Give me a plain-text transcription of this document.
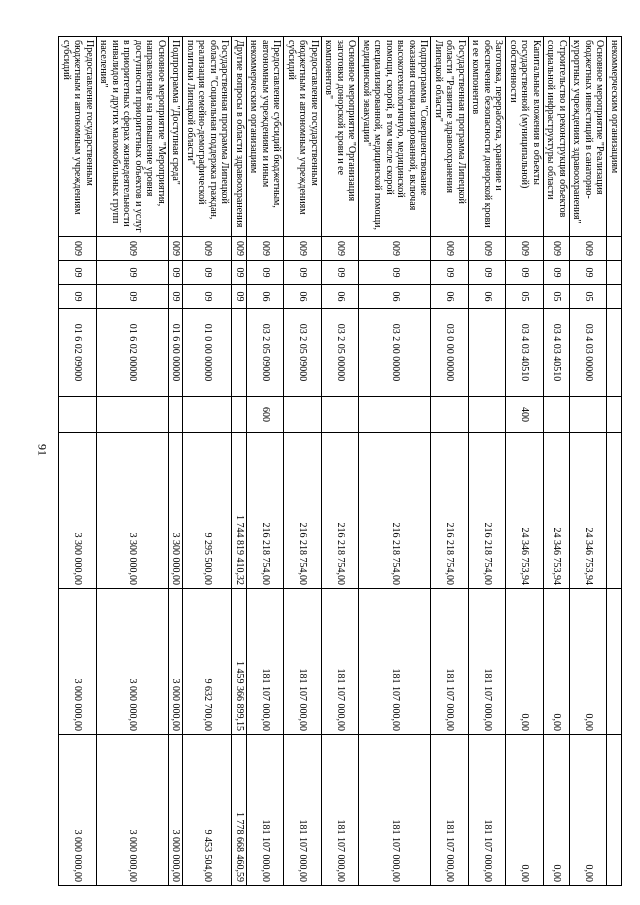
91
некоммерческим организациям								
Основное мероприятие "Реализация бюджетных инвестиций в санаторно-курортных учреждениях здравоохранения"	009	09	05	03 4 03 00000		24 346 753,94	0,00	0,00
Строительство и реконструкция объектов социальной инфраструктуры области	009	09	05	03 4 03 40510		24 346 753,94	0,00	0,00
Капитальные вложения в объекты государственной (муниципальной) собственности	009	09	05	03 4 03 40510	400	24 346 753,94	0,00	0,00
Заготовка, переработка, хранение и обеспечение безопасности донорской крови и ее компонентов	009	09	06			216 218 754,00	181 107 000,00	181 107 000,00
Государственная программа Липецкой области "Развитие здравоохранения Липецкой области"	009	09	06	03 0 00 00000		216 218 754,00	181 107 000,00	181 107 000,00
Подпрограмма "Совершенствование оказания специализированной, включая высокотехнологичную, медицинской помощи, скорой, в том числе скорой специализированной, медицинской помощи, медицинской эвакуации"	009	09	06	03 2 00 00000		216 218 754,00	181 107 000,00	181 107 000,00
Основное мероприятие "Организация заготовки донорской крови и ее компонентов"	009	09	06	03 2 05 00000		216 218 754,00	181 107 000,00	181 107 000,00
Предоставление государственным бюджетным и автономным учреждениям субсидий	009	09	06	03 2 05 09000		216 218 754,00	181 107 000,00	181 107 000,00
Предоставление субсидий бюджетным, автономным учреждениям и иным некоммерческим организациям	009	09	06	03 2 05 09000	600	216 218 754,00	181 107 000,00	181 107 000,00
Другие вопросы в области здравоохранения	009	09	09			1 744 819 410,32	1 459 366 899,15	1 778 668 460,59
Государственная программа Липецкой области "Социальная поддержка граждан, реализация семейно-демографической политики Липецкой области"	009	09	09	01 0 00 00000		9 295 500,00	9 632 700,00	9 453 504,00
Подпрограмма "Доступная среда"	009	09	09	01 6 00 00000		3 300 000,00	3 000 000,00	3 000 000,00
Основное мероприятие "Мероприятия, направленные на повышение уровня доступности приоритетных объектов и услуг в приоритетных сферах жизнедеятельности инвалидов и других маломобильных групп населения"	009	09	09	01 6 02 00000		3 300 000,00	3 000 000,00	3 000 000,00
Предоставление государственным бюджетным и автономным учреждениям субсидий	009	09	09	01 6 02 09000		3 300 000,00	3 000 000,00	3 000 000,00
